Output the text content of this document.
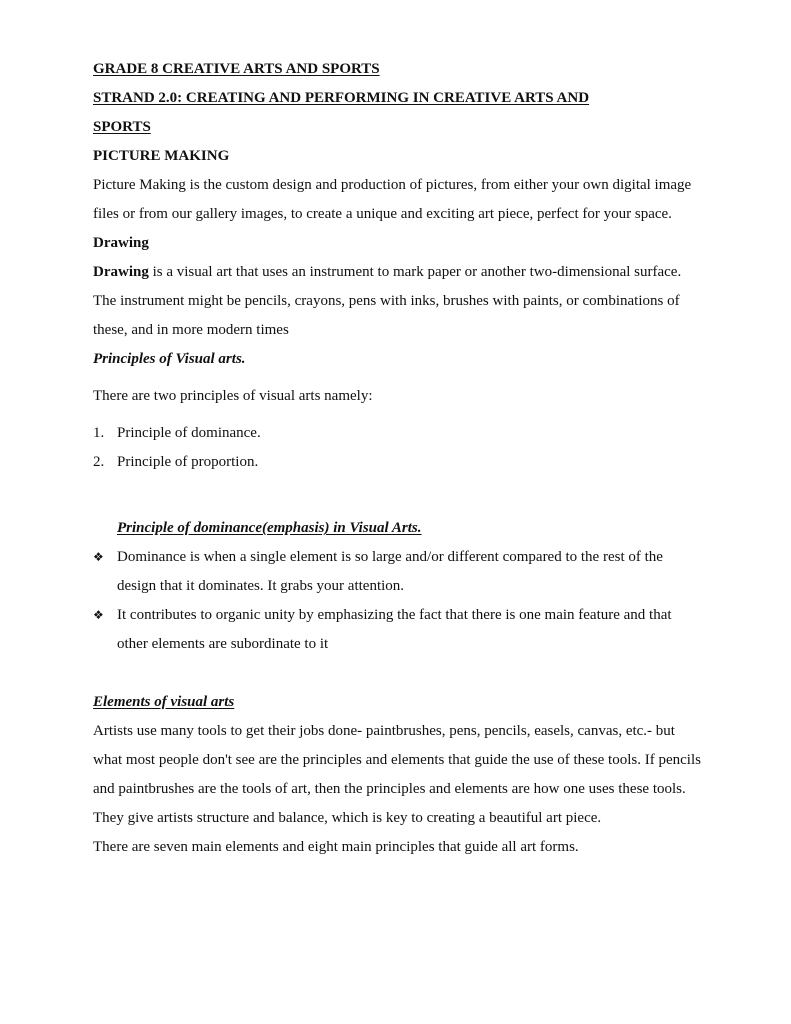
GRADE 8 CREATIVE ARTS AND SPORTS
STRAND 2.0: CREATING AND PERFORMING IN CREATIVE ARTS AND
SPORTS
PICTURE MAKING

Picture Making is the custom design and production of pictures, from either your own digital image files or from our gallery images, to create a unique and exciting art piece, perfect for your space.

Drawing

Drawing is a visual art that uses an instrument to mark paper or another two-dimensional surface. The instrument might be pencils, crayons, pens with inks, brushes with paints, or combinations of these, and in more modern times

Principles of Visual arts.

There are two principles of visual arts namely:

1. Principle of dominance.
2. Principle of proportion.
Principle of dominance(emphasis) in Visual Arts.
❖ Dominance is when a single element is so large and/or different compared to the rest of the design that it dominates. It grabs your attention.
❖ It contributes to organic unity by emphasizing the fact that there is one main feature and that other elements are subordinate to it
Elements of visual arts

Artists use many tools to get their jobs done- paintbrushes, pens, pencils, easels, canvas, etc.- but what most people don't see are the principles and elements that guide the use of these tools. If pencils and paintbrushes are the tools of art, then the principles and elements are how one uses these tools. They give artists structure and balance, which is key to creating a beautiful art piece.

There are seven main elements and eight main principles that guide all art forms.
